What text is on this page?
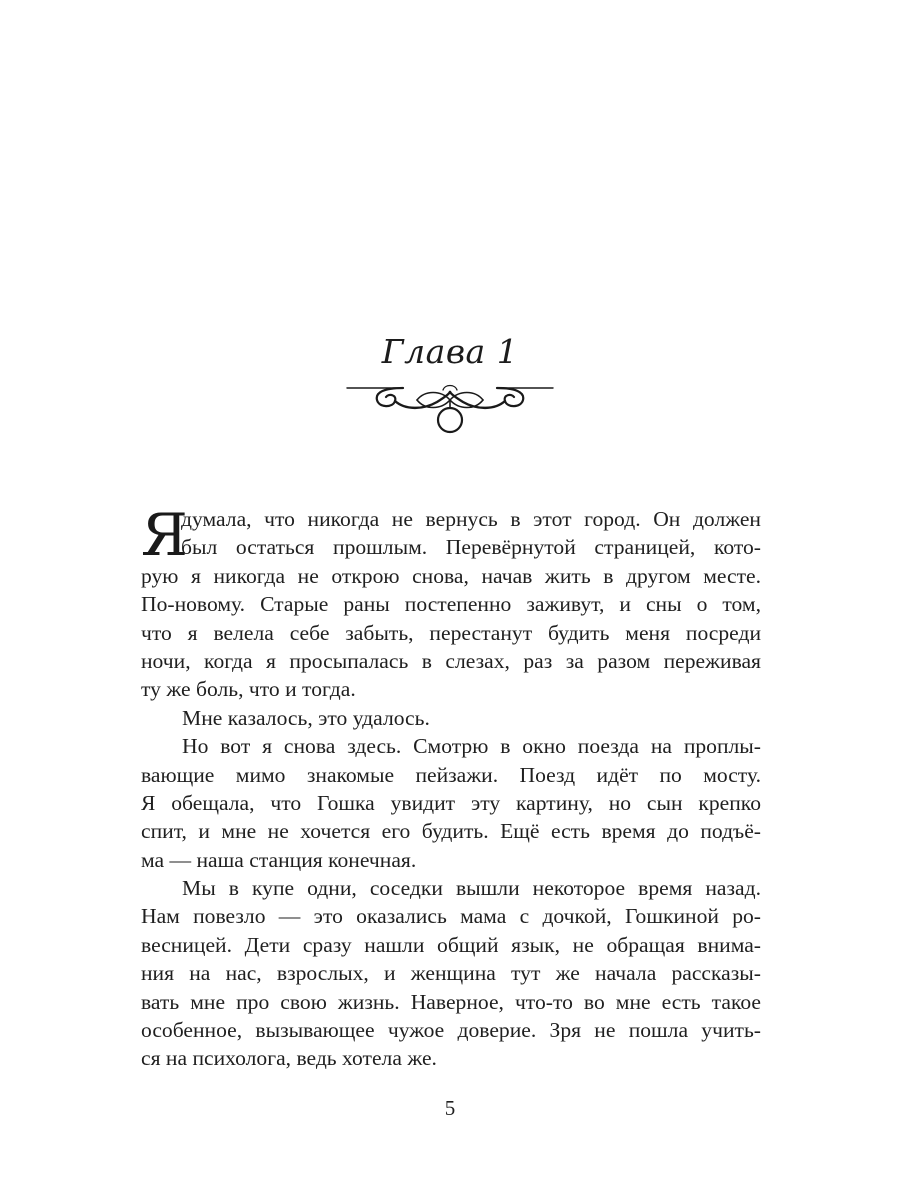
Глава 1
Я
думала, что никогда не вернусь в этот город. Он должен
был остаться прошлым. Перевёрнутой страницей, кото-
рую я никогда не открою снова, начав жить в другом месте.
По-новому. Старые раны постепенно заживут, и сны о том,
что я велела себе забыть, перестанут будить меня посреди
ночи, когда я просыпалась в слезах, раз за разом переживая
ту же боль, что и тогда.
Мне казалось, это удалось.
Но вот я снова здесь. Смотрю в окно поезда на проплы-
вающие мимо знакомые пейзажи. Поезд идёт по мосту.
Я обещала, что Гошка увидит эту картину, но сын крепко
спит, и мне не хочется его будить. Ещё есть время до подъё-
ма — наша станция конечная.
Мы в купе одни, соседки вышли некоторое время назад.
Нам повезло — это оказались мама с дочкой, Гошкиной ро-
весницей. Дети сразу нашли общий язык, не обращая внима-
ния на нас, взрослых, и женщина тут же начала рассказы-
вать мне про свою жизнь. Наверное, что-то во мне есть такое
особенное, вызывающее чужое доверие. Зря не пошла учить-
ся на психолога, ведь хотела же.
5
